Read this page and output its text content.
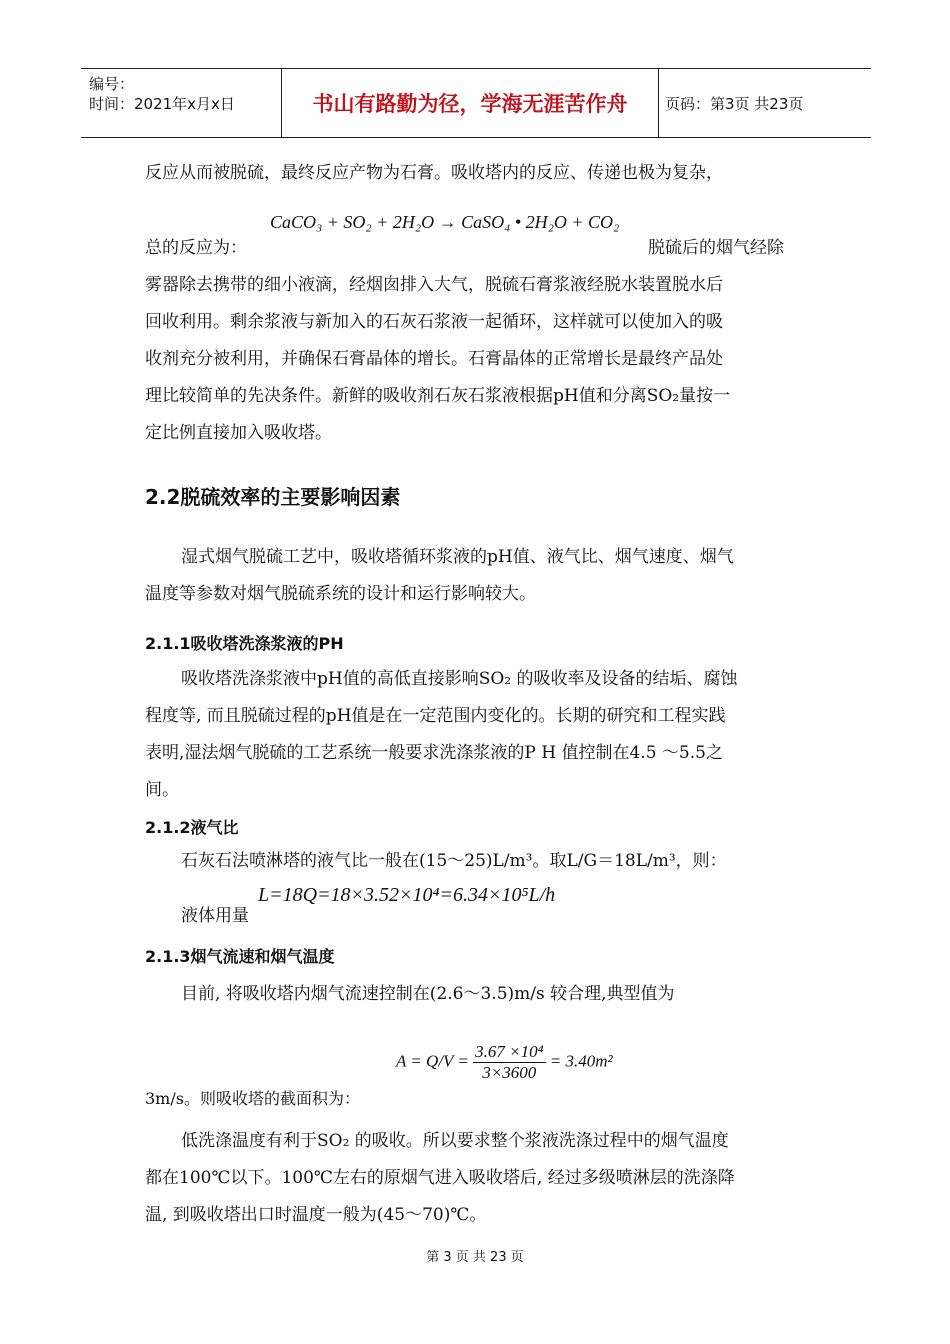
编号：
时间：2021年x月x日	书山有路勤为径，学海无涯苦作舟	页码：第3页 共23页
反应从而被脱硫，最终反应产物为石膏。吸收塔内的反应、传递也极为复杂，
CaCO₃ + SO₂ + 2H₂O → CaSO₄ • 2H₂O + CO₂
总的反应为：	脱硫后的烟气经除
雾器除去携带的细小液滴，经烟囱排入大气，脱硫石膏浆液经脱水装置脱水后
回收利用。剩余浆液与新加入的石灰石浆液一起循环，这样就可以使加入的吸
收剂充分被利用，并确保石膏晶体的增长。石膏晶体的正常增长是最终产品处
理比较简单的先决条件。新鲜的吸收剂石灰石浆液根据pH值和分离SO₂量按一
定比例直接加入吸收塔。
2.2脱硫效率的主要影响因素
湿式烟气脱硫工艺中，吸收塔循环浆液的pH值、液气比、烟气速度、烟气
温度等参数对烟气脱硫系统的设计和运行影响较大。
2.1.1吸收塔洗涤浆液的PH
吸收塔洗涤浆液中pH值的高低直接影响SO₂ 的吸收率及设备的结垢、腐蚀
程度等, 而且脱硫过程的pH值是在一定范围内变化的。长期的研究和工程实践
表明,湿法烟气脱硫的工艺系统一般要求洗涤浆液的P H 值控制在4.5 ～5.5之
间。
2.1.2液气比
石灰石法喷淋塔的液气比一般在(15～25)L/m³。取L/G＝18L/m³，则：
液体用量
L=18Q=18×3.52×10⁴=6.34×10⁵L/h
2.1.3烟气流速和烟气温度
目前, 将吸收塔内烟气流速控制在(2.6～3.5)m/s 较合理,典型值为
$A = Q/V = \frac{\text{3.67 ×10⁴}}{3\times 3600} = 3.40m^2$
3m/s。则吸收塔的截面积为：
低洗涤温度有利于SO₂ 的吸收。所以要求整个浆液洗涤过程中的烟气温度
都在100℃以下。100℃左右的原烟气进入吸收塔后, 经过多级喷淋层的洗涤降
温, 到吸收塔出口时温度一般为(45～70)℃。
第 3 页 共 23 页
